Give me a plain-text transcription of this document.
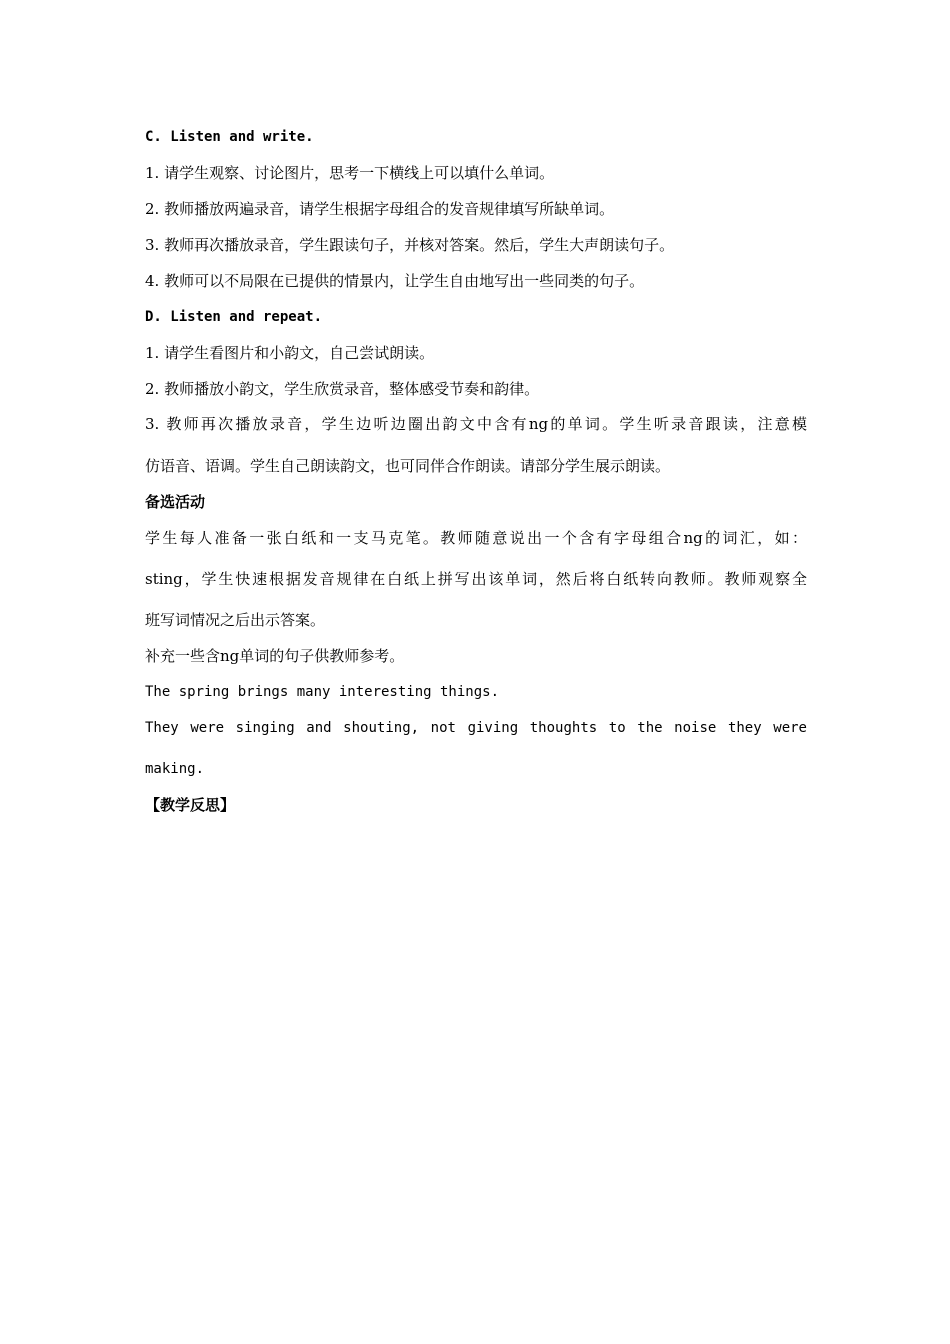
C. Listen and write.
1. 请学生观察、讨论图片，思考一下横线上可以填什么单词。
2. 教师播放两遍录音，请学生根据字母组合的发音规律填写所缺单词。
3. 教师再次播放录音，学生跟读句子，并核对答案。然后，学生大声朗读句子。
4. 教师可以不局限在已提供的情景内，让学生自由地写出一些同类的句子。
D. Listen and repeat.
1. 请学生看图片和小韵文，自己尝试朗读。
2. 教师播放小韵文，学生欣赏录音，整体感受节奏和韵律。
3. 教师再次播放录音，学生边听边圈出韵文中含有ng的单词。学生听录音跟读，注意模
仿语音、语调。学生自己朗读韵文，也可同伴合作朗读。请部分学生展示朗读。
备选活动
学生每人准备一张白纸和一支马克笔。教师随意说出一个含有字母组合ng的词汇，如：
sting，学生快速根据发音规律在白纸上拼写出该单词，然后将白纸转向教师。教师观察全
班写词情况之后出示答案。
补充一些含ng单词的句子供教师参考。
The spring brings many interesting things.
They were singing and shouting, not giving thoughts to the noise they were
making.
【教学反思】
